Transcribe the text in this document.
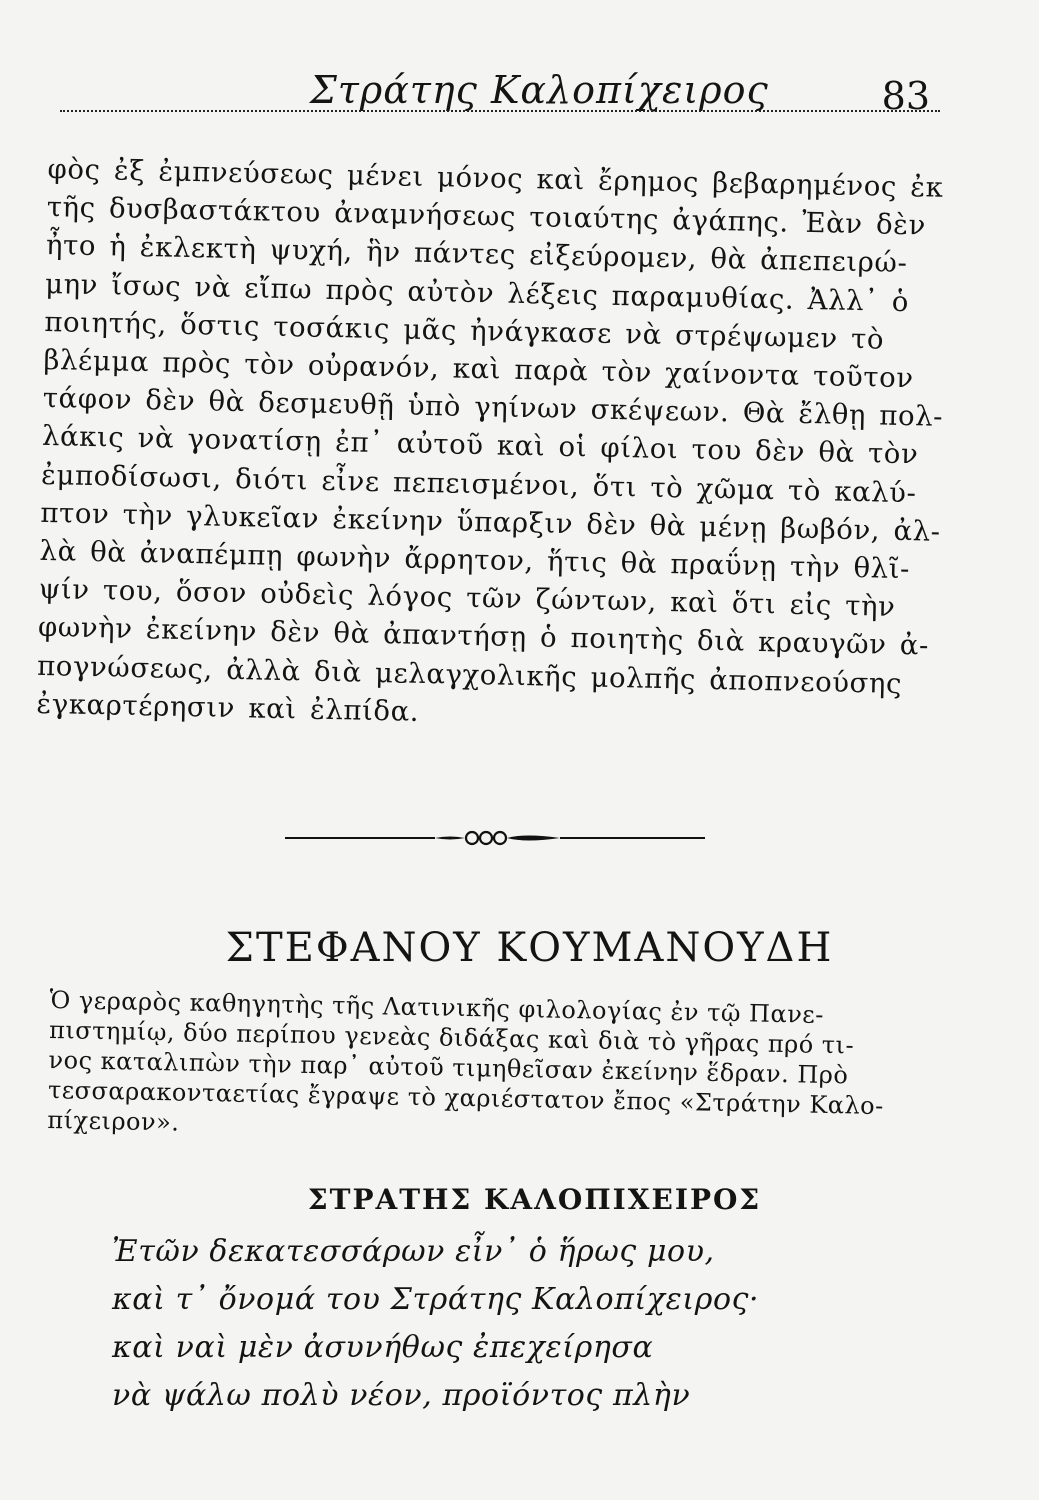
Στράτης Καλοπίχειρος	83

φὸς ἐξ ἐμπνεύσεως μένει μόνος καὶ ἔρημος βεβαρημένος ἐκ
τῆς δυσβαστάκτου ἀναμνήσεως τοιαύτης ἀγάπης. Ἐὰν δὲν
ἦτο ἡ ἐκλεκτὴ ψυχή, ἣν πάντες εἰξεύρομεν, θὰ ἀπεπειρώ-
μην ἴσως νὰ εἴπω πρὸς αὐτὸν λέξεις παραμυθίας. Ἀλλ᾽ ὁ
ποιητής, ὅστις τοσάκις μᾶς ἠνάγκασε νὰ στρέψωμεν τὸ
βλέμμα πρὸς τὸν οὐρανόν, καὶ παρὰ τὸν χαίνοντα τοῦτον
τάφον δὲν θὰ δεσμευθῇ ὑπὸ γηίνων σκέψεων. Θὰ ἔλθῃ πολ-
λάκις νὰ γονατίσῃ ἐπ᾽ αὐτοῦ καὶ οἱ φίλοι του δὲν θὰ τὸν
ἐμποδίσωσι, διότι εἶνε πεπεισμένοι, ὅτι τὸ χῶμα τὸ καλύ-
πτον τὴν γλυκεῖαν ἐκείνην ὕπαρξιν δὲν θὰ μένῃ βωβόν, ἀλ-
λὰ θὰ ἀναπέμπῃ φωνὴν ἄρρητον, ἥτις θὰ πραΰνῃ τὴν θλῖ-
ψίν του, ὅσον οὐδεὶς λόγος τῶν ζώντων, καὶ ὅτι εἰς τὴν
φωνὴν ἐκείνην δὲν θὰ ἀπαντήσῃ ὁ ποιητὴς διὰ κραυγῶν ἀ-
πογνώσεως, ἀλλὰ διὰ μελαγχολικῆς μολπῆς ἀποπνεούσης
ἐγκαρτέρησιν καὶ ἐλπίδα.

ΣΤΕΦΑΝΟΥ ΚΟΥΜΑΝΟΥΔΗ

Ὁ γεραρὸς καθηγητὴς τῆς Λατινικῆς φιλολογίας ἐν τῷ Πανε-
πιστημίῳ, δύο περίπου γενεὰς διδάξας καὶ διὰ τὸ γῆρας πρό τι-
νος καταλιπὼν τὴν παρ᾽ αὐτοῦ τιμηθεῖσαν ἐκείνην ἕδραν. Πρὸ
τεσσαρακονταετίας ἔγραψε τὸ χαριέστατον ἔπος «Στράτην Καλο-
πίχειρον».

ΣΤΡΑΤΗΣ ΚΑΛΟΠΙΧΕΙΡΟΣ

Ἐτῶν δεκατεσσάρων εἶν᾽ ὁ ἥρως μου,
καὶ τ᾽ ὄνομά του Στράτης Καλοπίχειρος·
καὶ ναὶ μὲν ἀσυνήθως ἐπεχείρησα
νὰ ψάλω πολὺ νέον, προϊόντος πλὴν
